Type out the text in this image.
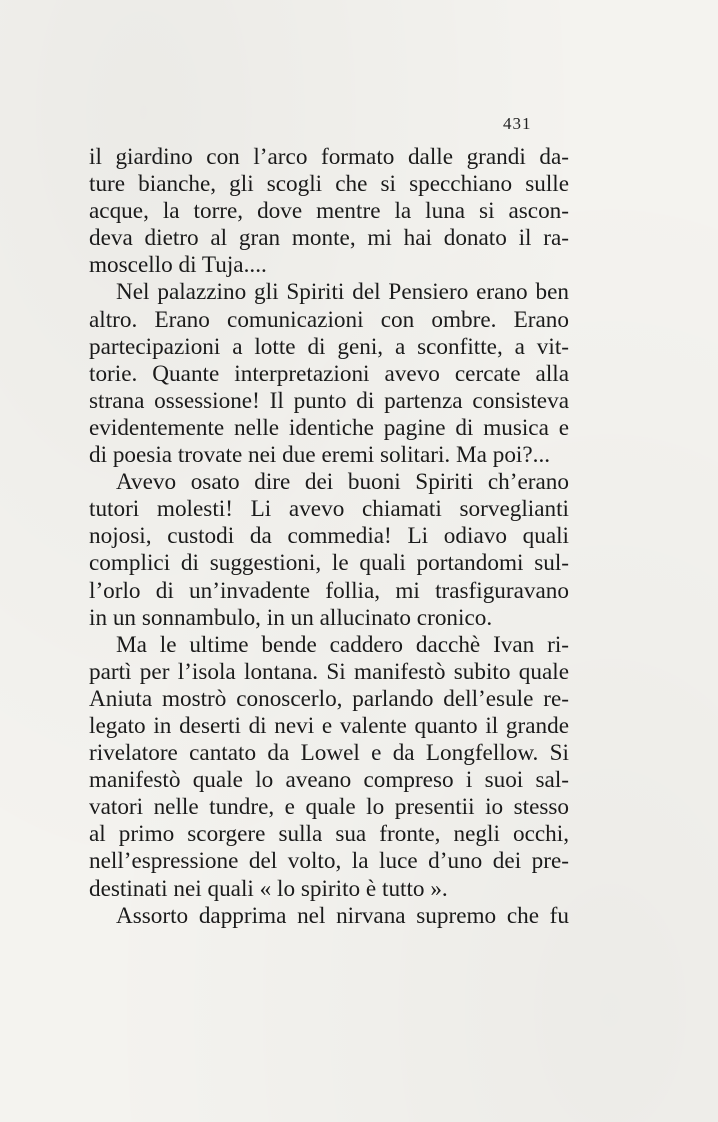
431
il giardino con l’arco formato dalle grandi da-
ture bianche, gli scogli che si specchiano sulle
acque, la torre, dove mentre la luna si ascon-
deva dietro al gran monte, mi hai donato il ra-
moscello di Tuja....
Nel palazzino gli Spiriti del Pensiero erano ben
altro. Erano comunicazioni con ombre. Erano
partecipazioni a lotte di geni, a sconfitte, a vit-
torie. Quante interpretazioni avevo cercate alla
strana ossessione! Il punto di partenza consisteva
evidentemente nelle identiche pagine di musica e
di poesia trovate nei due eremi solitari. Ma poi?...
Avevo osato dire dei buoni Spiriti ch’erano
tutori molesti! Li avevo chiamati sorveglianti
nojosi, custodi da commedia! Li odiavo quali
complici di suggestioni, le quali portandomi sul-
l’orlo di un’invadente follia, mi trasfiguravano
in un sonnambulo, in un allucinato cronico.
Ma le ultime bende caddero dacchè Ivan ri-
partì per l’isola lontana. Si manifestò subito quale
Aniuta mostrò conoscerlo, parlando dell’esule re-
legato in deserti di nevi e valente quanto il grande
rivelatore cantato da Lowel e da Longfellow. Si
manifestò quale lo aveano compreso i suoi sal-
vatori nelle tundre, e quale lo presentii io stesso
al primo scorgere sulla sua fronte, negli occhi,
nell’espressione del volto, la luce d’uno dei pre-
destinati nei quali « lo spirito è tutto ».
Assorto dapprima nel nirvana supremo che fu
